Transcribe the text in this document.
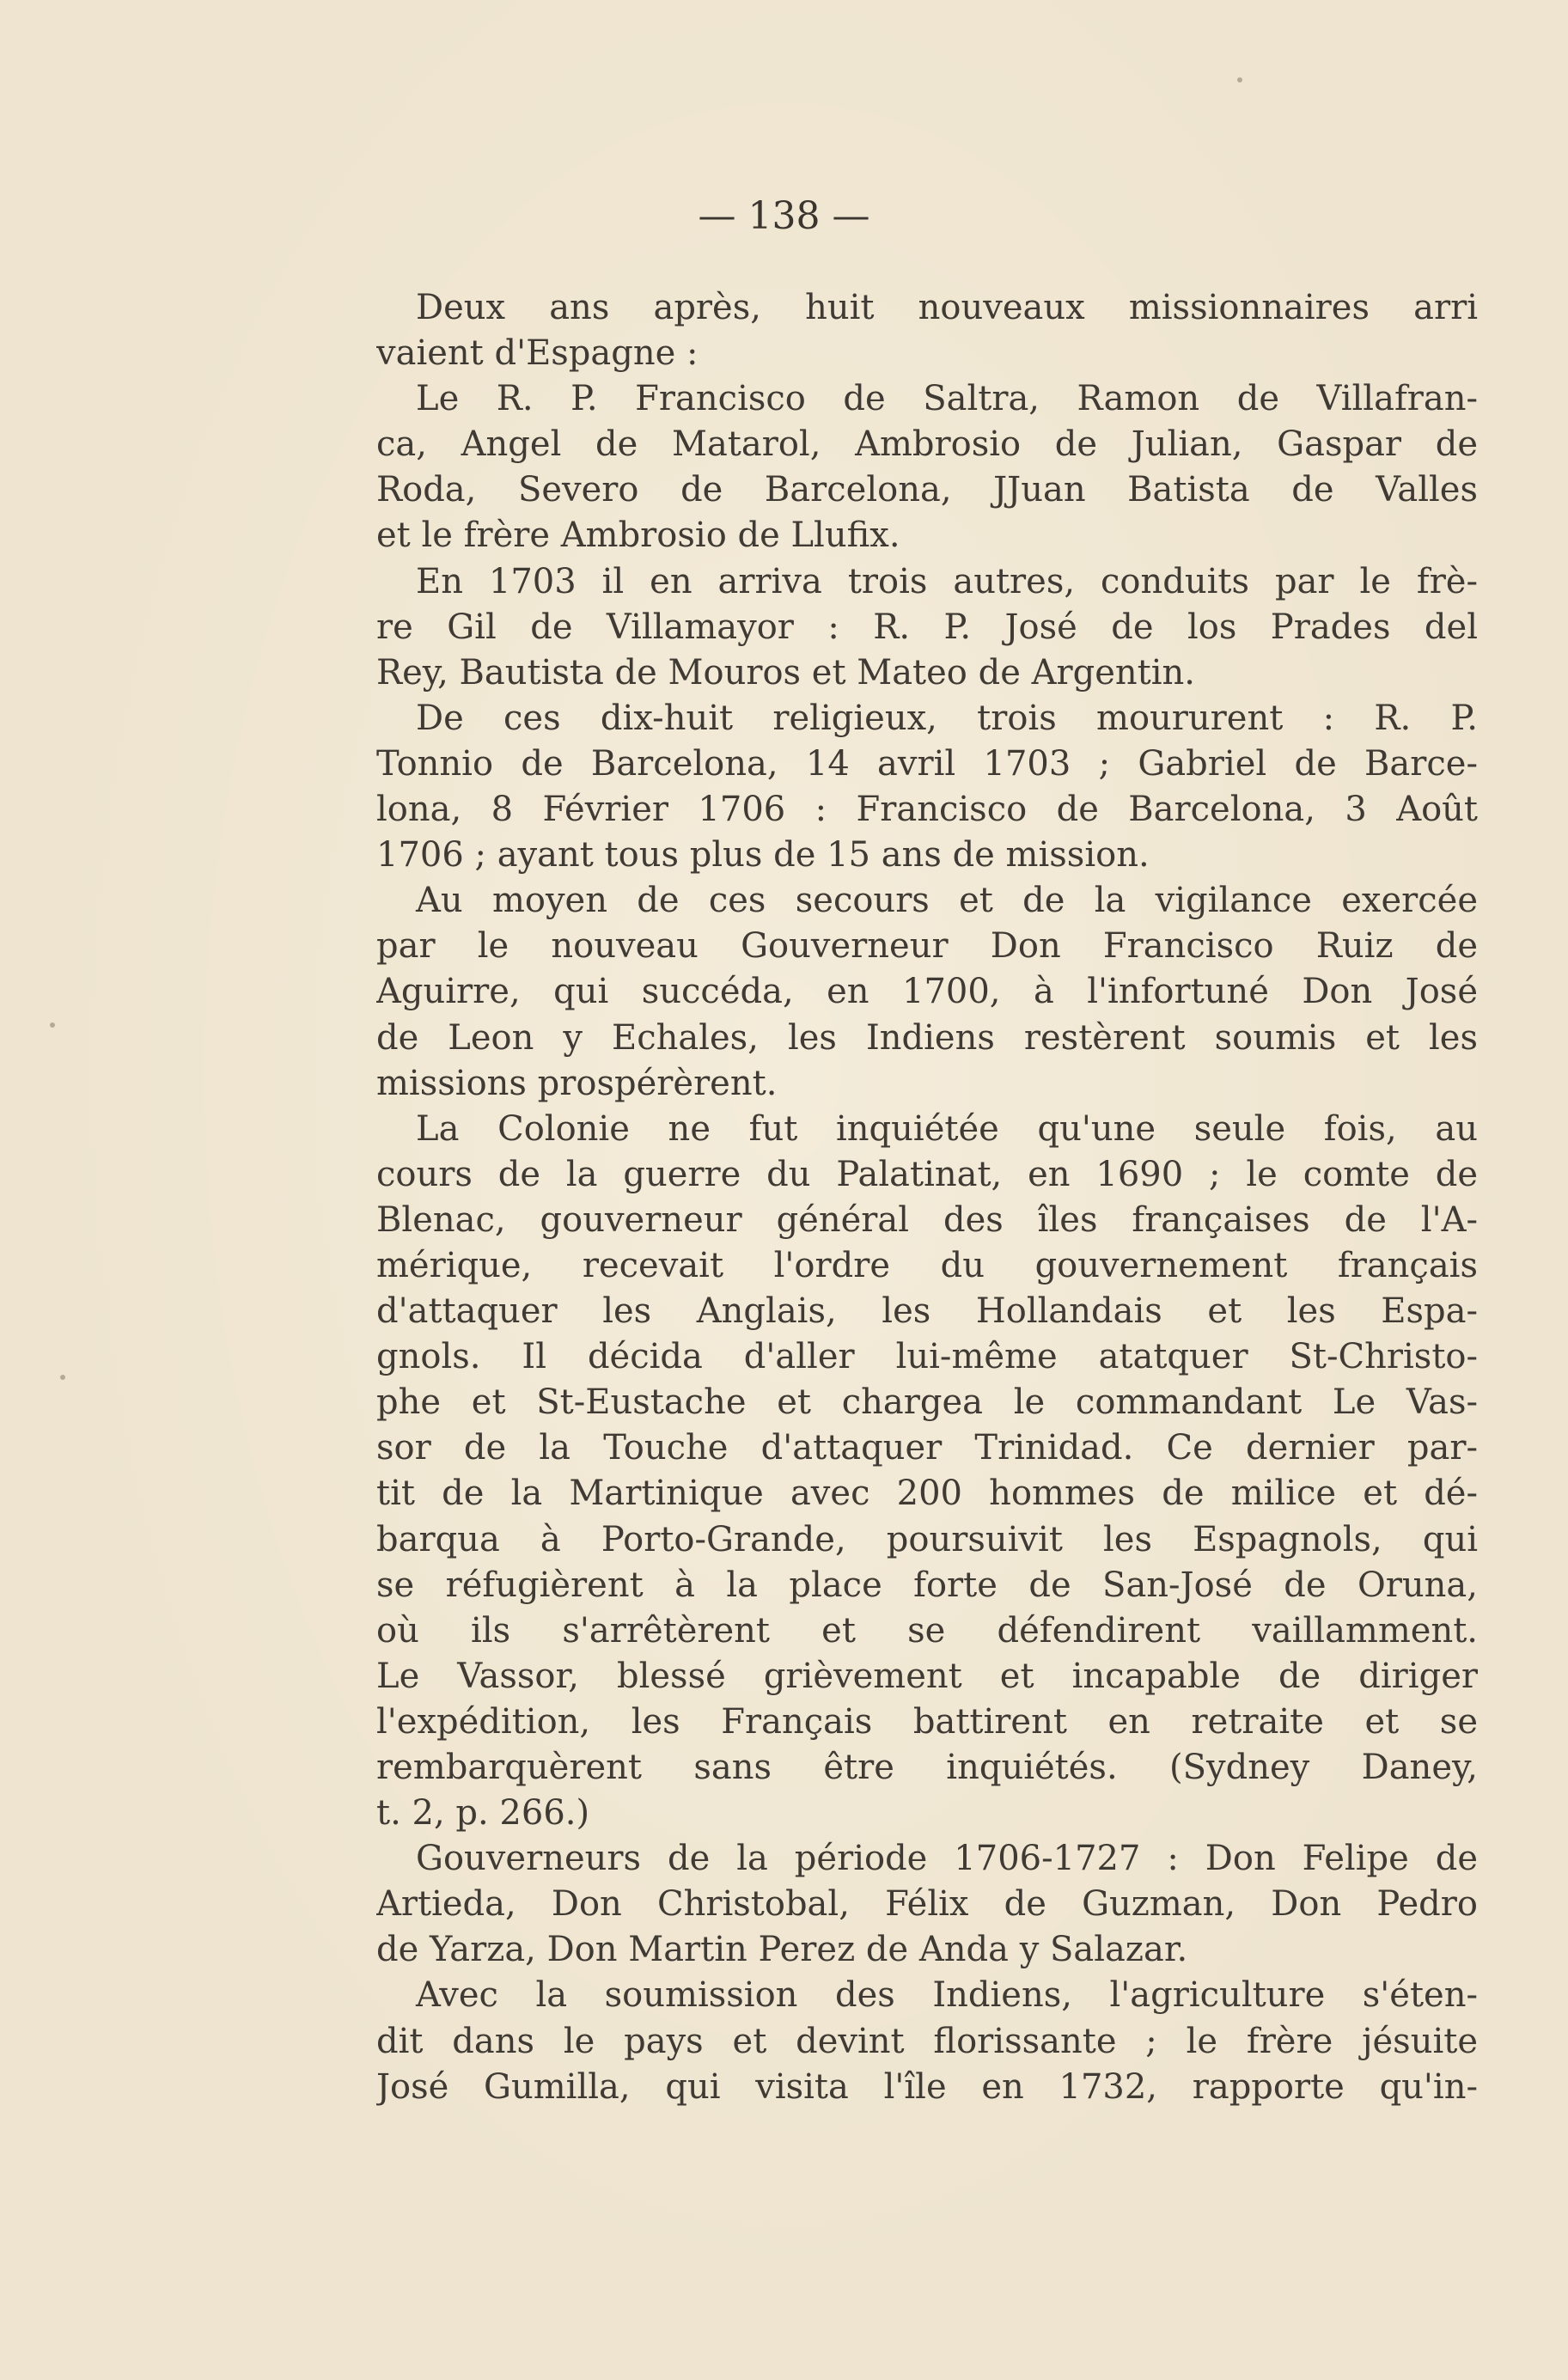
— 138 —
Deux ans après, huit nouveaux missionnaires arri
vaient d'Espagne :
Le R. P. Francisco de Saltra, Ramon de Villafran-
ca, Angel de Matarol, Ambrosio de Julian, Gaspar de
Roda, Severo de Barcelona, JJuan Batista de Valles
et le frère Ambrosio de Llufix.
En 1703 il en arriva trois autres, conduits par le frè-
re Gil de Villamayor : R. P. José de los Prades del
Rey, Bautista de Mouros et Mateo de Argentin.
De ces dix-huit religieux, trois moururent : R. P.
Tonnio de Barcelona, 14 avril 1703 ; Gabriel de Barce-
lona, 8 Février 1706 : Francisco de Barcelona, 3 Août
1706 ; ayant tous plus de 15 ans de mission.
Au moyen de ces secours et de la vigilance exercée
par le nouveau Gouverneur Don Francisco Ruiz de
Aguirre, qui succéda, en 1700, à l'infortuné Don José
de Leon y Echales, les Indiens restèrent soumis et les
missions prospérèrent.
La Colonie ne fut inquiétée qu'une seule fois, au
cours de la guerre du Palatinat, en 1690 ; le comte de
Blenac, gouverneur général des îles françaises de l'A-
mérique, recevait l'ordre du gouvernement français
d'attaquer les Anglais, les Hollandais et les Espa-
gnols. Il décida d'aller lui-même atatquer St-Christo-
phe et St-Eustache et chargea le commandant Le Vas-
sor de la Touche d'attaquer Trinidad. Ce dernier par-
tit de la Martinique avec 200 hommes de milice et dé-
barqua à Porto-Grande, poursuivit les Espagnols, qui
se réfugièrent à la place forte de San-José de Oruna,
où ils s'arrêtèrent et se défendirent vaillamment.
Le Vassor, blessé grièvement et incapable de diriger
l'expédition, les Français battirent en retraite et se
rembarquèrent sans être inquiétés. (Sydney Daney,
t. 2, p. 266.)
Gouverneurs de la période 1706-1727 : Don Felipe de
Artieda, Don Christobal, Félix de Guzman, Don Pedro
de Yarza, Don Martin Perez de Anda y Salazar.
Avec la soumission des Indiens, l'agriculture s'éten-
dit dans le pays et devint florissante ; le frère jésuite
José Gumilla, qui visita l'île en 1732, rapporte qu'in-
